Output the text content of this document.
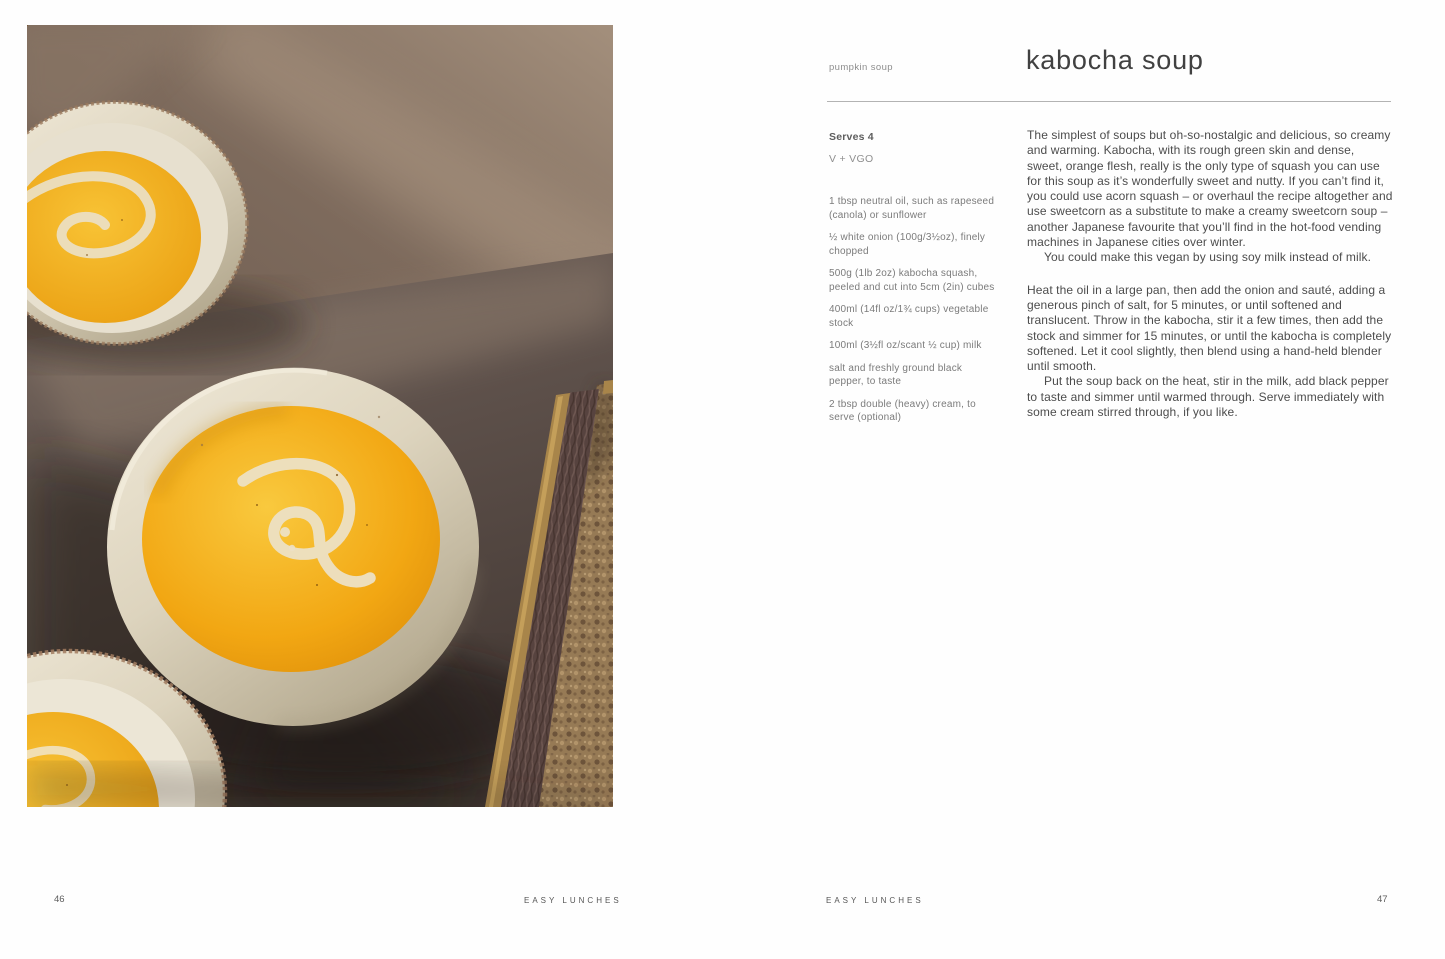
pumpkin soup	kabocha soup
Serves 4
V + VGO

1 tbsp neutral oil, such as rapeseed (canola) or sunflower

½ white onion (100g/3½oz), finely chopped

500g (1lb 2oz) kabocha squash, peeled and cut into 5cm (2in) cubes

400ml (14fl oz/1¾ cups) vegetable stock

100ml (3½fl oz/scant ½ cup) milk

salt and freshly ground black pepper, to taste

2 tbsp double (heavy) cream, to serve (optional)

The simplest of soups but oh-so-nostalgic and delicious, so creamy and warming. Kabocha, with its rough green skin and dense, sweet, orange flesh, really is the only type of squash you can use for this soup as it’s wonderfully sweet and nutty. If you can’t find it, you could use acorn squash – or overhaul the recipe altogether and use sweetcorn as a substitute to make a creamy sweetcorn soup – another Japanese favourite that you’ll find in the hot-food vending machines in Japanese cities over winter.

You could make this vegan by using soy milk instead of milk.

Heat the oil in a large pan, then add the onion and sauté, adding a generous pinch of salt, for 5 minutes, or until softened and translucent. Throw in the kabocha, stir it a few times, then add the stock and simmer for 15 minutes, or until the kabocha is completely softened. Let it cool slightly, then blend using a hand-held blender until smooth.

Put the soup back on the heat, stir in the milk, add black pepper to taste and simmer until warmed through. Serve immediately with some cream stirred through, if you like.

46	EASY LUNCHES	EASY LUNCHES	47
